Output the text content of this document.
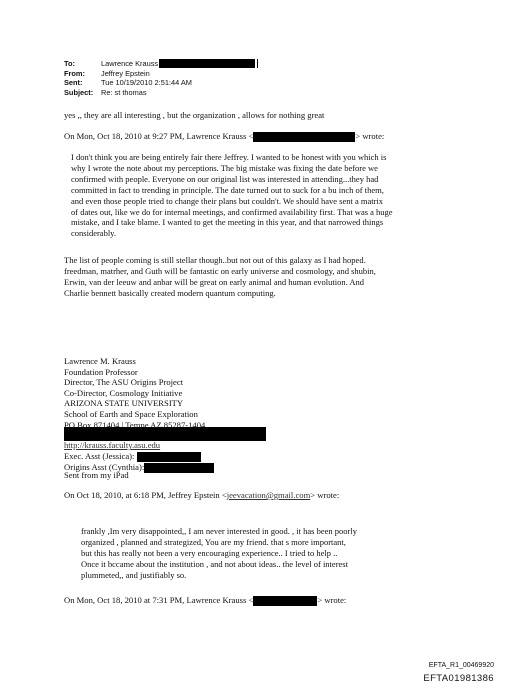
To:	Lawrence Krauss
From:	Jeffrey Epstein
Sent:	Tue 10/19/2010 2:51:44 AM
Subject:	Re: st thomas
yes ,, they are all interesting , but the organization , allows for nothing great
On Mon, Oct 18, 2010 at 9:27 PM, Lawrence Krauss <	> wrote:
I don't think you are being entirely fair there Jeffrey. I wanted to be honest with you which is
why I wrote the note about my perceptions. The big mistake was fixing the date before we
confirmed with people. Everyone on our original list was interested in attending...they had
committed in fact to trending in principle. The date turned out to suck for a bu inch of them,
and even those people tried to change their plans but couldn't. We should have sent a matrix
of dates out, like we do for internal meetings, and confirmed availability first. That was a huge
mistake, and I take blame. I wanted to get the meeting in this year, and that narrowed things
considerably.
The list of people coming is still stellar though..but not out of this galaxy as I had hoped.
freedman, matrher, and Guth will be fantastic on early universe and cosmology, and shubin,
Erwin, van der leeuw and anbar will be great on early animal and human evolution. And
Charlie bennett basically created modern quantum computing.
Lawrence M. Krauss
Foundation Professor
Director, The ASU Origins Project
Co-Director, Cosmology Initiative
ARIZONA STATE UNIVERSITY
School of Earth and Space Exploration
PO Box 871404 | Tempe AZ 85287-1404
http://krauss.faculty.asu.edu
Exec. Asst (Jessica):
Origins Asst (Cynthia):
Sent from my iPad
On Oct 18, 2010, at 6:18 PM, Jeffrey Epstein <jeevacation@gmail.com> wrote:
frankly ,Im very disappointed,, I am never interested in good. , it has been poorly
organized , planned and strategized, You are my friend. that s more important,
but this has really not been a very encouraging experience.. I tried to help ..
Once it bccame about the institution , and not about ideas.. the level of interest
plummeted,, and justifiably so.
On Mon, Oct 18, 2010 at 7:31 PM, Lawrence Krauss <	> wrote:
EFTA_R1_00469920
EFTA01981386
